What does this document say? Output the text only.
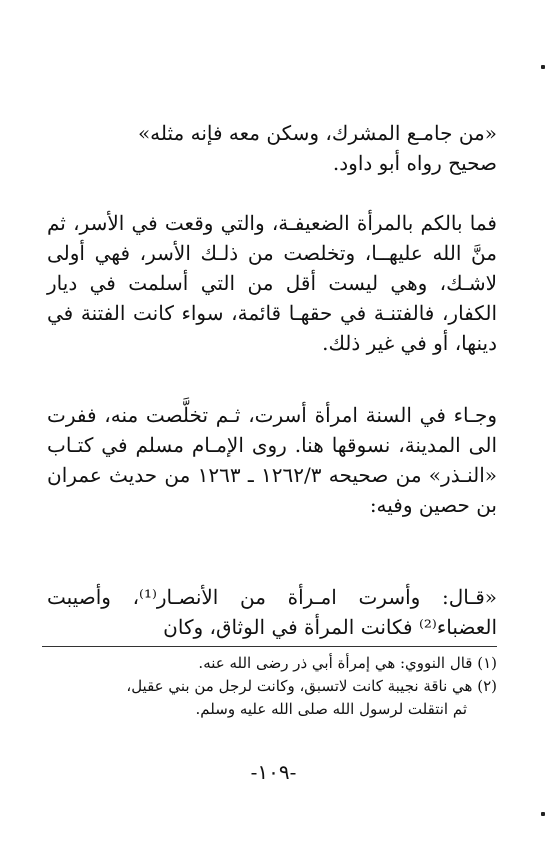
«من جامـع المشرك، وسكن معه فإنه مثله»

صحيح رواه أبو داود.

فما بالكم بالمرأة الضعيفـة، والتي وقعت في الأسر، ثم منَّ الله عليهــا، وتخلصت من ذلـك الأسر، فهي أولى لاشـك، وهي ليست أقل من التي أسلمت في ديار الكفار، فالفتنـة في حقهـا قائمة، سواء كانت الفتنة في دينها، أو في غير ذلك.

وجـاء في السنة امرأة أسرت، ثـم تخلَّصت منه، ففرت الى المدينة، نسوقها هنا. روى الإمـام مسلم في كتـاب «النـذر» من صحيحه ١٢٦٢/٣ ـ ١٢٦٣ من حديث عمران بن حصين وفيه:

«قـال: وأسرت امـرأة من الأنصـار⁽¹⁾، وأصيبت العضباء⁽²⁾ فكانت المرأة في الوثاق، وكان

(١) قال النووي: هي إمرأة أبي ذر رضى الله عنه.

(٢) هي ناقة نجيبة كانت لاتسبق، وكانت لرجل من بني عقيل،

ثم انتقلت لرسول الله صلى الله عليه وسلم.

-١٠٩-
